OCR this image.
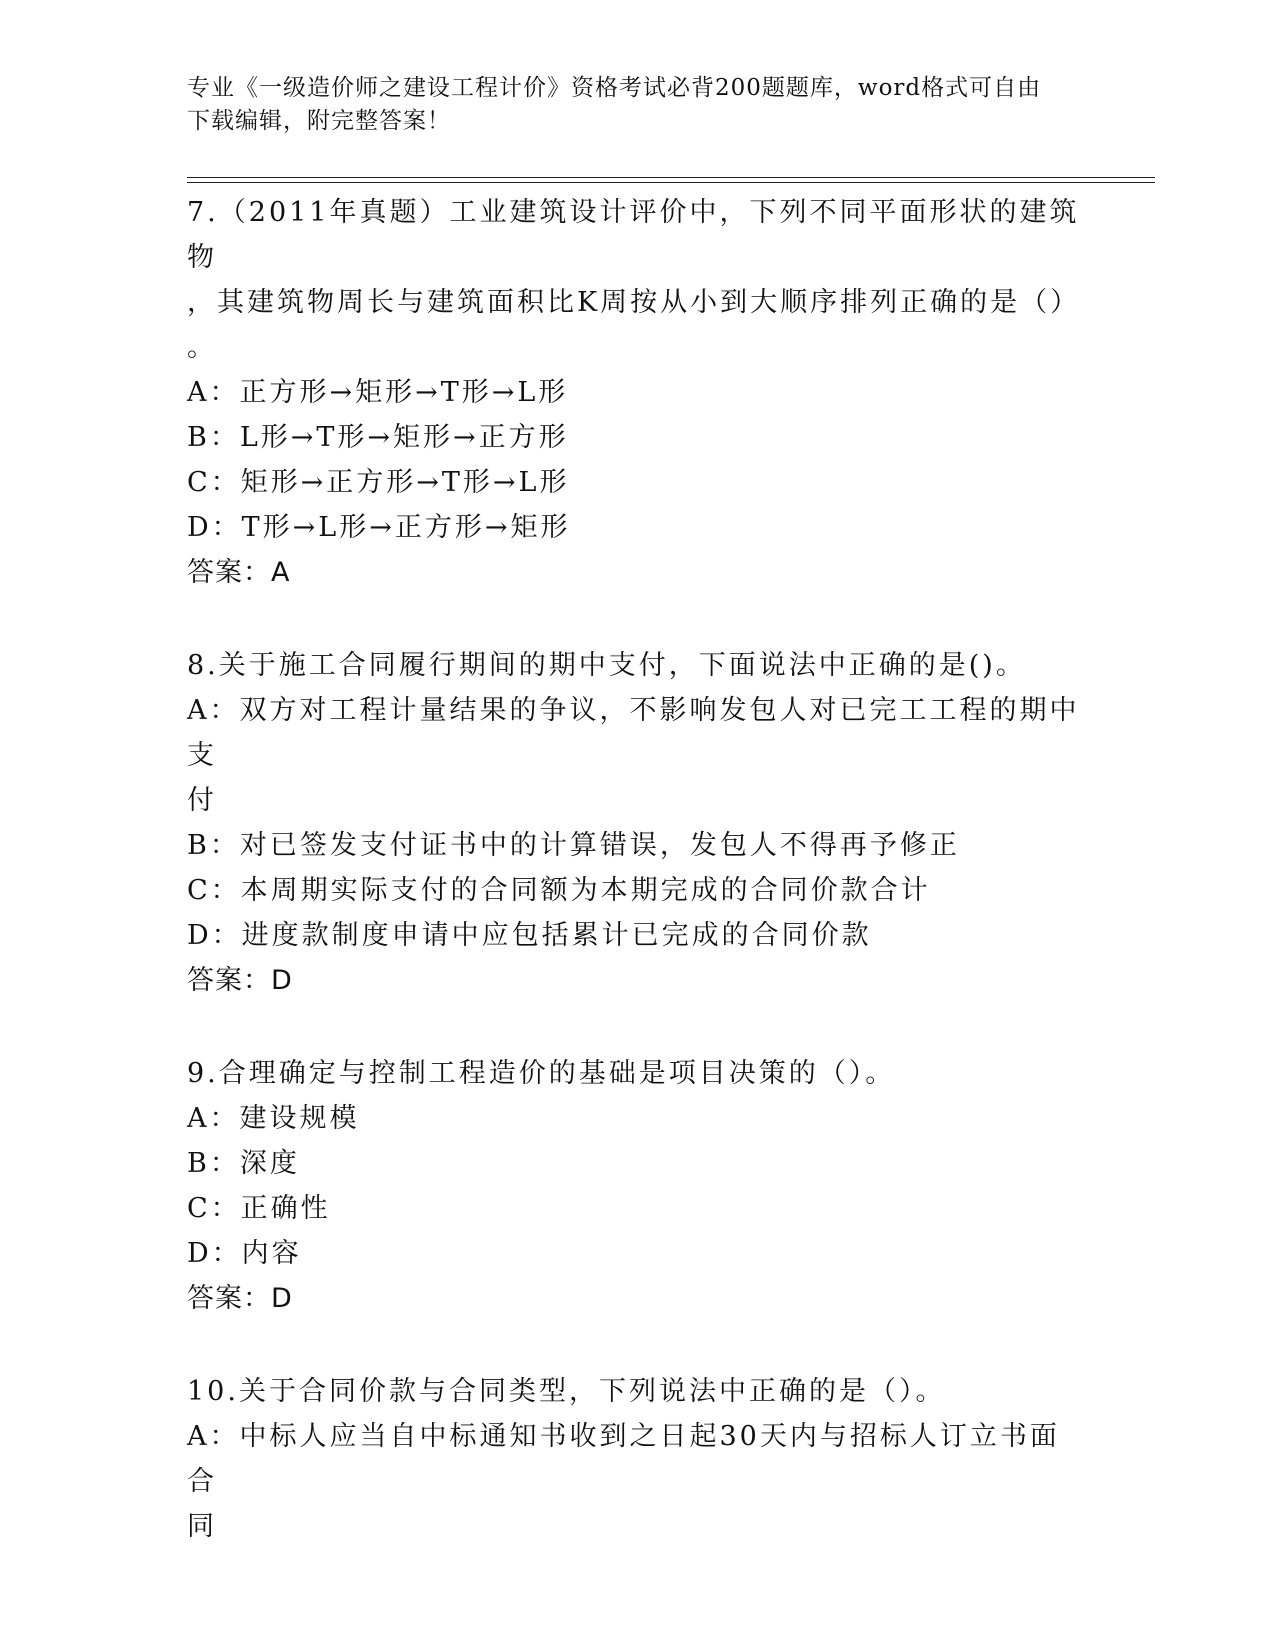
专业《一级造价师之建设工程计价》资格考试必背200题题库，word格式可自由
下载编辑，附完整答案！
7.（2011年真题）工业建筑设计评价中，下列不同平面形状的建筑物
，其建筑物周长与建筑面积比K周按从小到大顺序排列正确的是（）
。
A：正方形→矩形→T形→L形
B：L形→T形→矩形→正方形
C：矩形→正方形→T形→L形
D：T形→L形→正方形→矩形
答案：A
8.关于施工合同履行期间的期中支付，下面说法中正确的是()。
A：双方对工程计量结果的争议，不影响发包人对已完工工程的期中支
付
B：对已签发支付证书中的计算错误，发包人不得再予修正
C：本周期实际支付的合同额为本期完成的合同价款合计
D：进度款制度申请中应包括累计已完成的合同价款
答案：D
9.合理确定与控制工程造价的基础是项目决策的（）。
A：建设规模
B：深度
C：正确性
D：内容
答案：D
10.关于合同价款与合同类型，下列说法中正确的是（）。
A：中标人应当自中标通知书收到之日起30天内与招标人订立书面合
同
